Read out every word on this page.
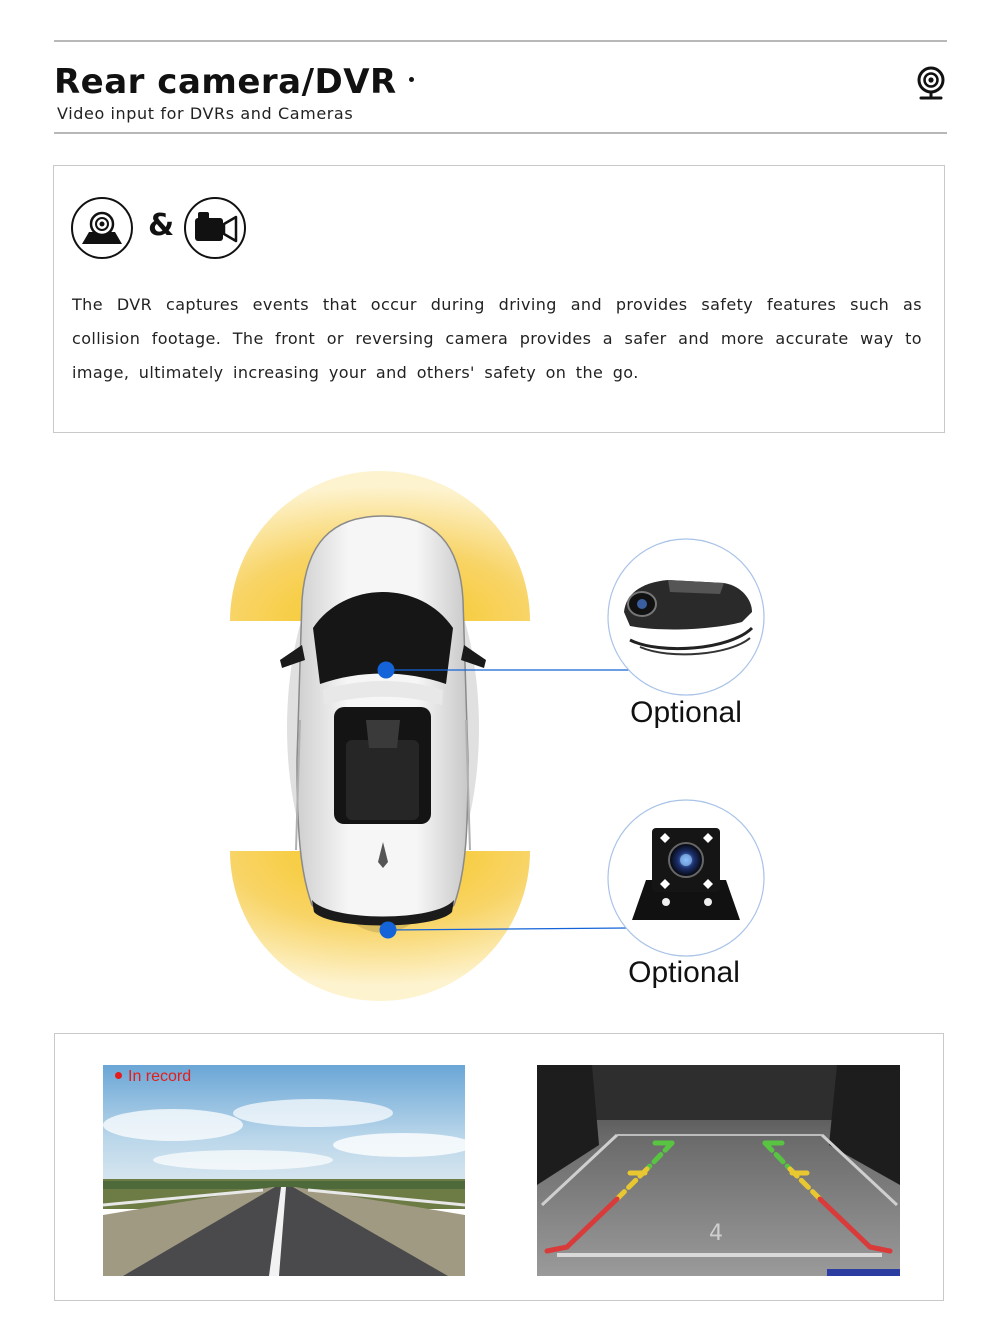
Rear camera/DVR
Video input for DVRs and Cameras
&

The DVR captures events that occur during driving and provides safety features such as collision footage. The front or reversing camera provides a safer and more accurate way to image, ultimately increasing your and others' safety on the go.

Optional
Optional
In record
4
